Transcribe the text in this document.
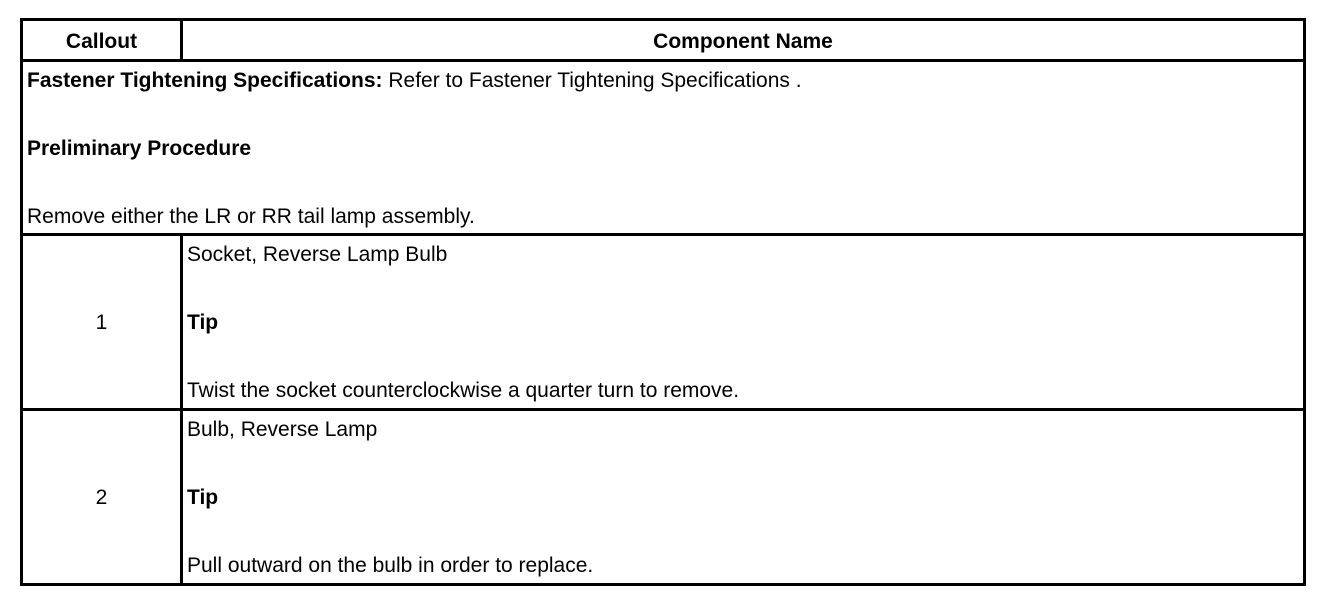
Callout	Component Name

Fastener Tightening Specifications: Refer to Fastener Tightening Specifications .

Preliminary Procedure

Remove either the LR or RR tail lamp assembly.

1

Socket, Reverse Lamp Bulb

Tip

Twist the socket counterclockwise a quarter turn to remove.

2

Bulb, Reverse Lamp

Tip

Pull outward on the bulb in order to replace.
